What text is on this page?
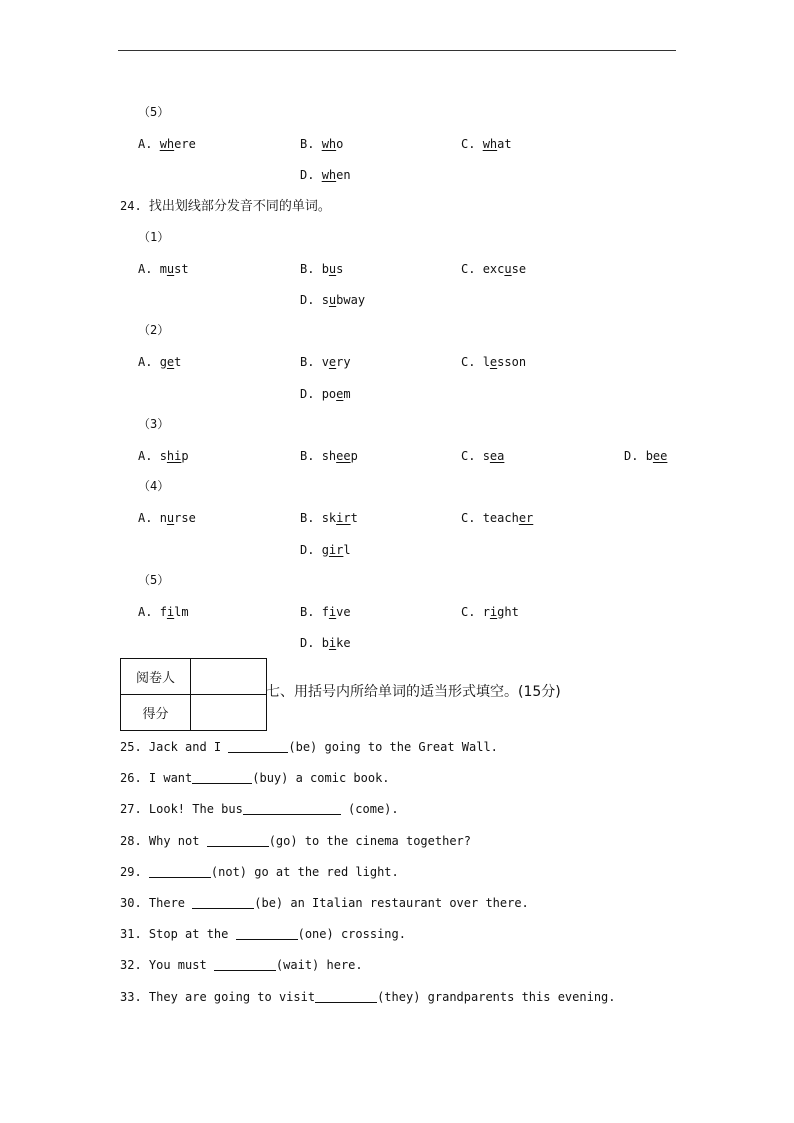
（5）
A. where	B. who	C. what
D. when
24. 找出划线部分发音不同的单词。
（1）
A. must	B. bus	C. excuse
D. subway
（2）
A. get	B. very	C. lesson
D. poem
（3）
A. ship	B. sheep	C. sea	D. bee
（4）
A. nurse	B. skirt	C. teacher
D. girl
（5）
A. film	B. five	C. right
D. bike
阅卷人	
得分	
七、用括号内所给单词的适当形式填空。(15分)
25. Jack and I	(be) going to the Great Wall.
26. I want	(buy) a comic book.
27. Look! The bus	(come).
28. Why not	(go) to the cinema together?
29.	(not) go at the red light.
30. There	(be) an Italian restaurant over there.
31. Stop at the	(one) crossing.
32. You must	(wait) here.
33. They are going to visit	(they) grandparents this evening.
